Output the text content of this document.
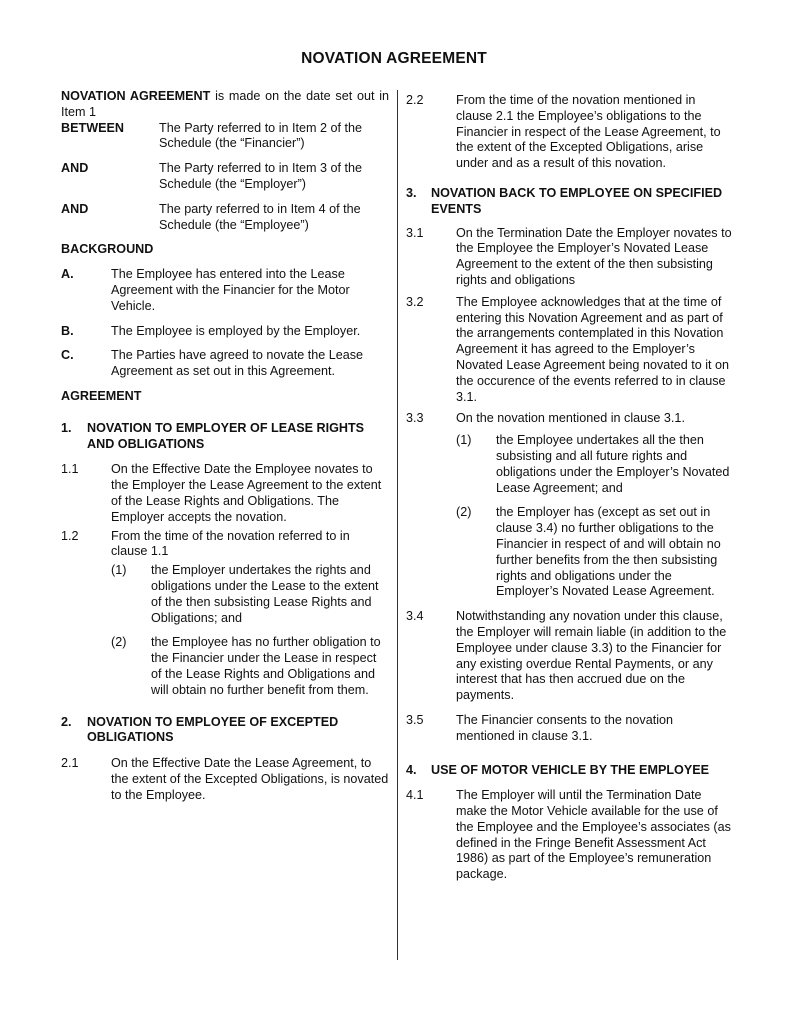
NOVATION AGREEMENT
NOVATION AGREEMENT is made on the date set out in Item 1
BETWEEN	The Party referred to in Item 2 of the Schedule (the “Financier”)
AND	The Party referred to in Item 3 of the Schedule (the “Employer”)
AND	The party referred to in Item 4 of the Schedule (the “Employee”)
BACKGROUND
A.	The Employee has entered into the Lease Agreement with the Financier for the Motor Vehicle.
B.	The Employee is employed by the Employer.
C.	The Parties have agreed to novate the Lease Agreement as set out in this Agreement.
AGREEMENT
1. NOVATION TO EMPLOYER OF LEASE RIGHTS AND OBLIGATIONS
1.1	On the Effective Date the Employee novates to the Employer the Lease Agreement to the extent of the Lease Rights and Obligations. The Employer accepts the novation.
1.2	From the time of the novation referred to in clause 1.1
(1) the Employer undertakes the rights and obligations under the Lease to the extent of the then subsisting Lease Rights and Obligations; and
(2) the Employee has no further obligation to the Financier under the Lease in respect of the Lease Rights and Obligations and will obtain no further benefit from them.
2. NOVATION TO EMPLOYEE OF EXCEPTED OBLIGATIONS
2.1	On the Effective Date the Lease Agreement, to the extent of the Excepted Obligations, is novated to the Employee.
2.2	From the time of the novation mentioned in clause 2.1 the Employee’s obligations to the Financier in respect of the Lease Agreement, to the extent of the Excepted Obligations, arise under and as a result of this novation.
3. NOVATION BACK TO EMPLOYEE ON SPECIFIED EVENTS
3.1	On the Termination Date the Employer novates to the Employee the Employer’s Novated Lease Agreement to the extent of the then subsisting rights and obligations
3.2	The Employee acknowledges that at the time of entering this Novation Agreement and as part of the arrangements contemplated in this Novation Agreement it has agreed to the Employer’s Novated Lease Agreement being novated to it on the occurence of the events referred to in clause 3.1.
3.3	On the novation mentioned in clause 3.1.
(1) the Employee undertakes all the then subsisting and all future rights and obligations under the Employer’s Novated Lease Agreement; and
(2) the Employer has (except as set out in clause 3.4) no further obligations to the Financier in respect of and will obtain no further benefits from the then subsisting rights and obligations under the Employer’s Novated Lease Agreement.
3.4	Notwithstanding any novation under this clause, the Employer will remain liable (in addition to the Employee under clause 3.3) to the Financier for any existing overdue Rental Payments, or any interest that has then accrued due on the payments.
3.5	The Financier consents to the novation mentioned in clause 3.1.
4. USE OF MOTOR VEHICLE BY THE EMPLOYEE
4.1	The Employer will until the Termination Date make the Motor Vehicle available for the use of the Employee and the Employee’s associates (as defined in the Fringe Benefit Assessment Act 1986) as part of the Employee’s remuneration package.
